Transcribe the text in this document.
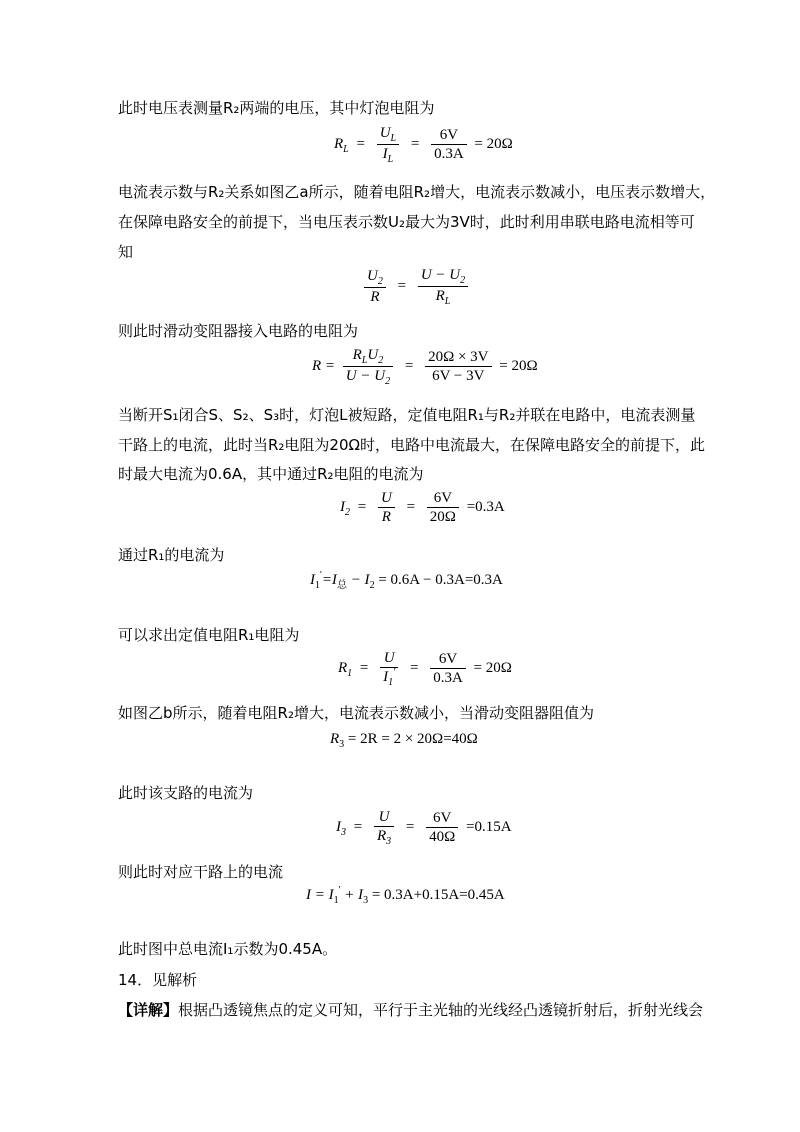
此时电压表测量R₂两端的电压，其中灯泡电阻为
$R_L = \frac{U_L}{I_L} = \frac{6V}{0.3A} = 20\Omega$
电流表示数与R₂关系如图乙a所示，随着电阻R₂增大，电流表示数减小，电压表示数增大，
在保障电路安全的前提下，当电压表示数U₂最大为3V时，此时利用串联电路电流相等可
知
$\frac{U_2}{R} = \frac{U - U_2}{R_L}$
则此时滑动变阻器接入电路的电阻为
$R = \frac{R_LU_2}{U - U_2} = \frac{20\Omega \times 3V}{6V - 3V} = 20\Omega$
当断开S₁闭合S、S₂、S₃时，灯泡L被短路，定值电阻R₁与R₂并联在电路中，电流表测量
干路上的电流，此时当R₂电阻为20Ω时，电路中电流最大，在保障电路安全的前提下，此
时最大电流为0.6A，其中通过R₂电阻的电流为
$I_2 = \frac{U}{R} = \frac{6V}{20\Omega} =0.3A$
通过R₁的电流为
$I_1'=I_总 - I_2 = 0.6A - 0.3A=0.3A$
可以求出定值电阻R₁电阻为
$R_1 = \frac{U}{I_1'} = \frac{6V}{0.3A} = 20\Omega$
如图乙b所示，随着电阻R₂增大，电流表示数减小，当滑动变阻器阻值为
$R_3 = 2R = 2 \times 20\Omega=40\Omega$
此时该支路的电流为
$I_3 = \frac{U}{R_3} = \frac{6V}{40\Omega} =0.15A$
则此时对应干路上的电流
$I = I_1' + I_3 = 0.3A+0.15A=0.45A$
此时图中总电流I₁示数为0.45A。
14．见解析
【详解】根据凸透镜焦点的定义可知，平行于主光轴的光线经凸透镜折射后，折射光线会
